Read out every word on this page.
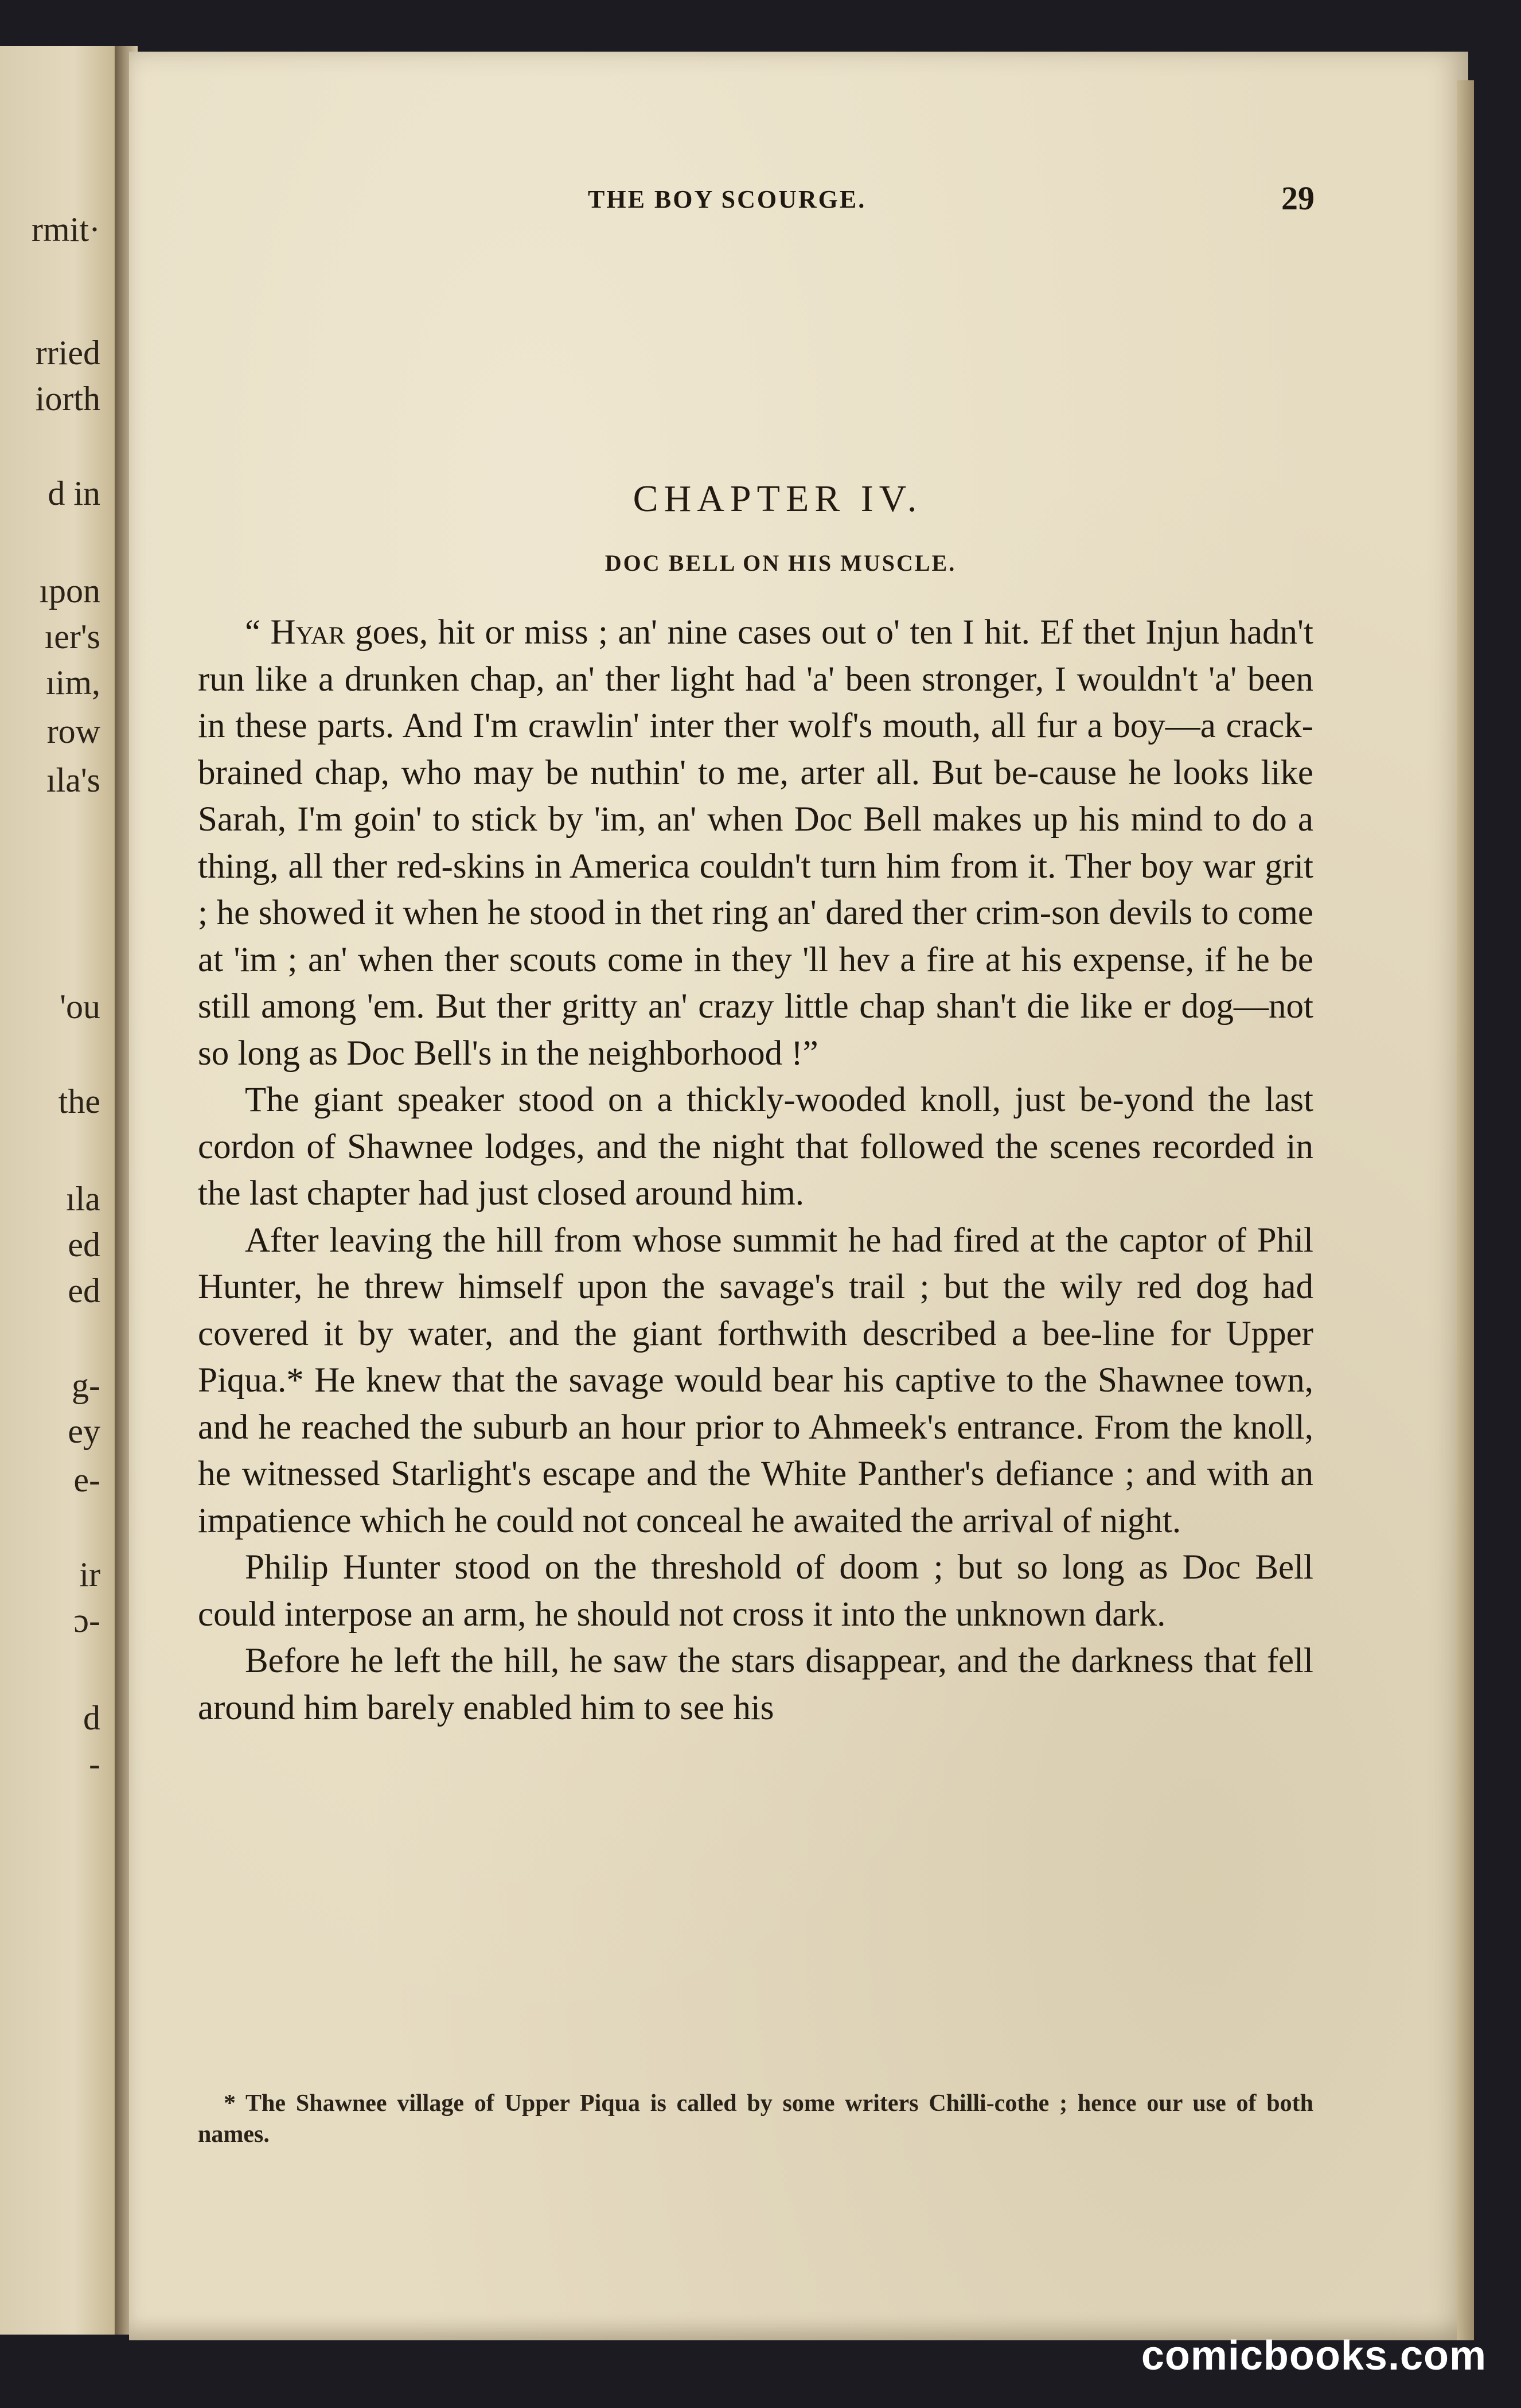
rmit·
rried
iorth
d in
ıpon
ıer's
ıim,
row
ıla's
'ou
the
ıla
ed
ed
g-
ey
e-
ir
ɔ-
d
-
THE BOY SCOURGE.	29
CHAPTER IV.
DOC BELL ON HIS MUSCLE.

“ Hyar goes, hit or miss ; an' nine cases out o' ten I hit. Ef thet Injun hadn't run like a drunken chap, an' ther light had 'a' been stronger, I wouldn't 'a' been in these parts. And I'm crawlin' inter ther wolf's mouth, all fur a boy—a crack-brained chap, who may be nuthin' to me, arter all. But be-cause he looks like Sarah, I'm goin' to stick by 'im, an' when Doc Bell makes up his mind to do a thing, all ther red-skins in America couldn't turn him from it. Ther boy war grit ; he showed it when he stood in thet ring an' dared ther crim-son devils to come at 'im ; an' when ther scouts come in they 'll hev a fire at his expense, if he be still among 'em. But ther gritty an' crazy little chap shan't die like er dog—not so long as Doc Bell's in the neighborhood !”

The giant speaker stood on a thickly-wooded knoll, just be-yond the last cordon of Shawnee lodges, and the night that followed the scenes recorded in the last chapter had just closed around him.

After leaving the hill from whose summit he had fired at the captor of Phil Hunter, he threw himself upon the savage's trail ; but the wily red dog had covered it by water, and the giant forthwith described a bee-line for Upper Piqua.* He knew that the savage would bear his captive to the Shawnee town, and he reached the suburb an hour prior to Ahmeek's entrance. From the knoll, he witnessed Starlight's escape and the White Panther's defiance ; and with an impatience which he could not conceal he awaited the arrival of night.

Philip Hunter stood on the threshold of doom ; but so long as Doc Bell could interpose an arm, he should not cross it into the unknown dark.

Before he left the hill, he saw the stars disappear, and the darkness that fell around him barely enabled him to see his

* The Shawnee village of Upper Piqua is called by some writers Chilli-cothe ; hence our use of both names.
comicbooks.com
